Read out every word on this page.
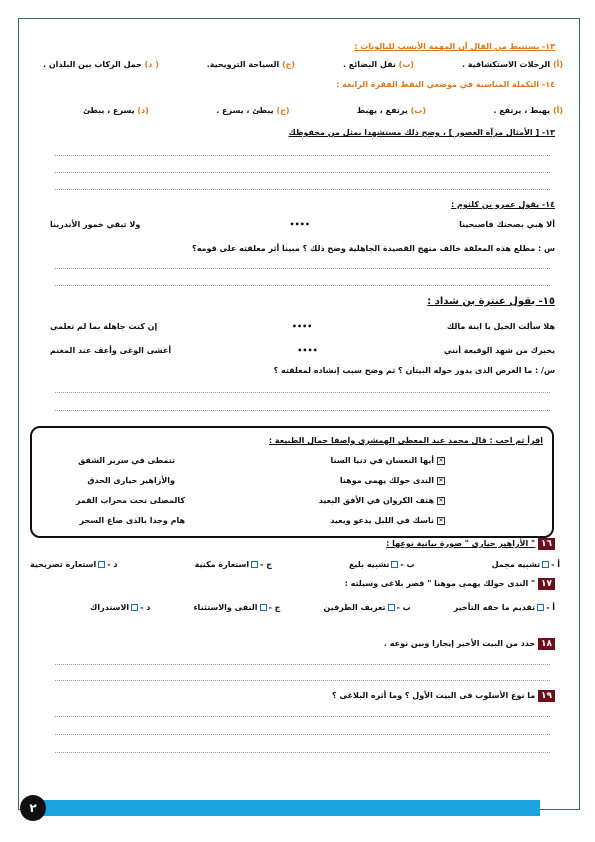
١٣- يستنبط من القال أن المهمة الأنسب للبالونات :
(أ) الرحلات الاستكشافية .
(ب) نقل البضائع .
(ج) السياحة الترويحية.
( د) حمل الركاب بين البلدان .
١٤- التكملة المناسبة في موضعي النقط الفقرة الرابعة :
(أ) يهبط ، يرتفع .
(ب) يرتفع ، يهبط
(ج) يبطئ ، يسرع .
(د) يسرع ، يبطئ
١٣- [ الأمثال مرآة العصور ] ، وضح ذلك مستشهدا بمثل من محفوظك
١٤- يقول عمرو بن كلثوم :
ألا هبي بصحنك فاصبحينا
••••
ولا تبقي خمور الأندرينا
س : مطلع هذه المعلقة خالف منهج القصيدة الجاهلية وضح ذلك ؟ مبينا أثر معلقته على قومه؟
١٥- يقول عنترة بن شداد :
هلا سألت الخيل يا ابنة مالك
••••
إن كنت جاهلة بما لم تعلمي
يخبرك من شهد الوقيعة أنني
••••
أغشى الوغى وأعف عند المغنم
س/ : ما الغرض الذى يدور حوله البيتان ؟ ثم وضح سبب إنشاده لمعلقته ؟
اقرأ ثم اجب : قال محمد عبد المعطى الهمشرى واصفا جمال الطبيعة :
✕أيها النعسان في دنيا السنا
تتمطى في سرير الشفق
✕الندى حولك يهمى موهنا
والأزاهير حيارى الحدق
✕هتف الكروان في الأفق البعيد
كالمصلى تحت محراب القمر
✕ناسك في الليل يدعو ويعيد
هام وجدا بالذى صاغ السحر
١٦ " الأزاهير حيارى " صورة بيانية نوعها :
أ -تشبيه مجمل
ب -تشبيه بليغ
ج -استعارة مكنية
د -استعارة تصريحية
١٧ " الندى حولك يهمى موهنا " قصر بلاغى وسيلته :
أ -تقديم ما حقه التأخير
ب -تعريف الطرفين
ج -النفى والاستثناء
د -الاستدراك
١٨ حدد من البيت الأخير إيجازا وبين نوعه .
١٩ ما نوع الأسلوب فى البيت الأول ؟ وما أثره البلاغى ؟
٢
